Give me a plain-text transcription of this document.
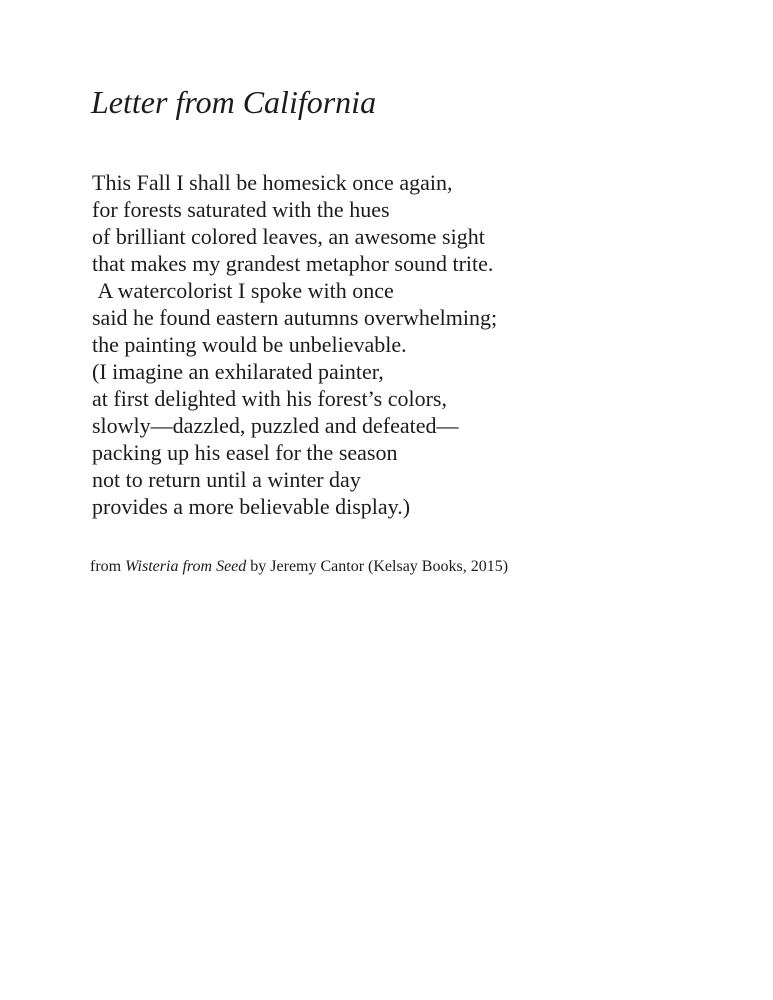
Letter from California

This Fall I shall be homesick once again,

for forests saturated with the hues

of brilliant colored leaves, an awesome sight

that makes my grandest metaphor sound trite.

A watercolorist I spoke with once

said he found eastern autumns overwhelming;

the painting would be unbelievable.

(I imagine an exhilarated painter,

at first delighted with his forest’s colors,

slowly—dazzled, puzzled and defeated—

packing up his easel for the season

not to return until a winter day

provides a more believable display.)

from Wisteria from Seed by Jeremy Cantor (Kelsay Books, 2015)
